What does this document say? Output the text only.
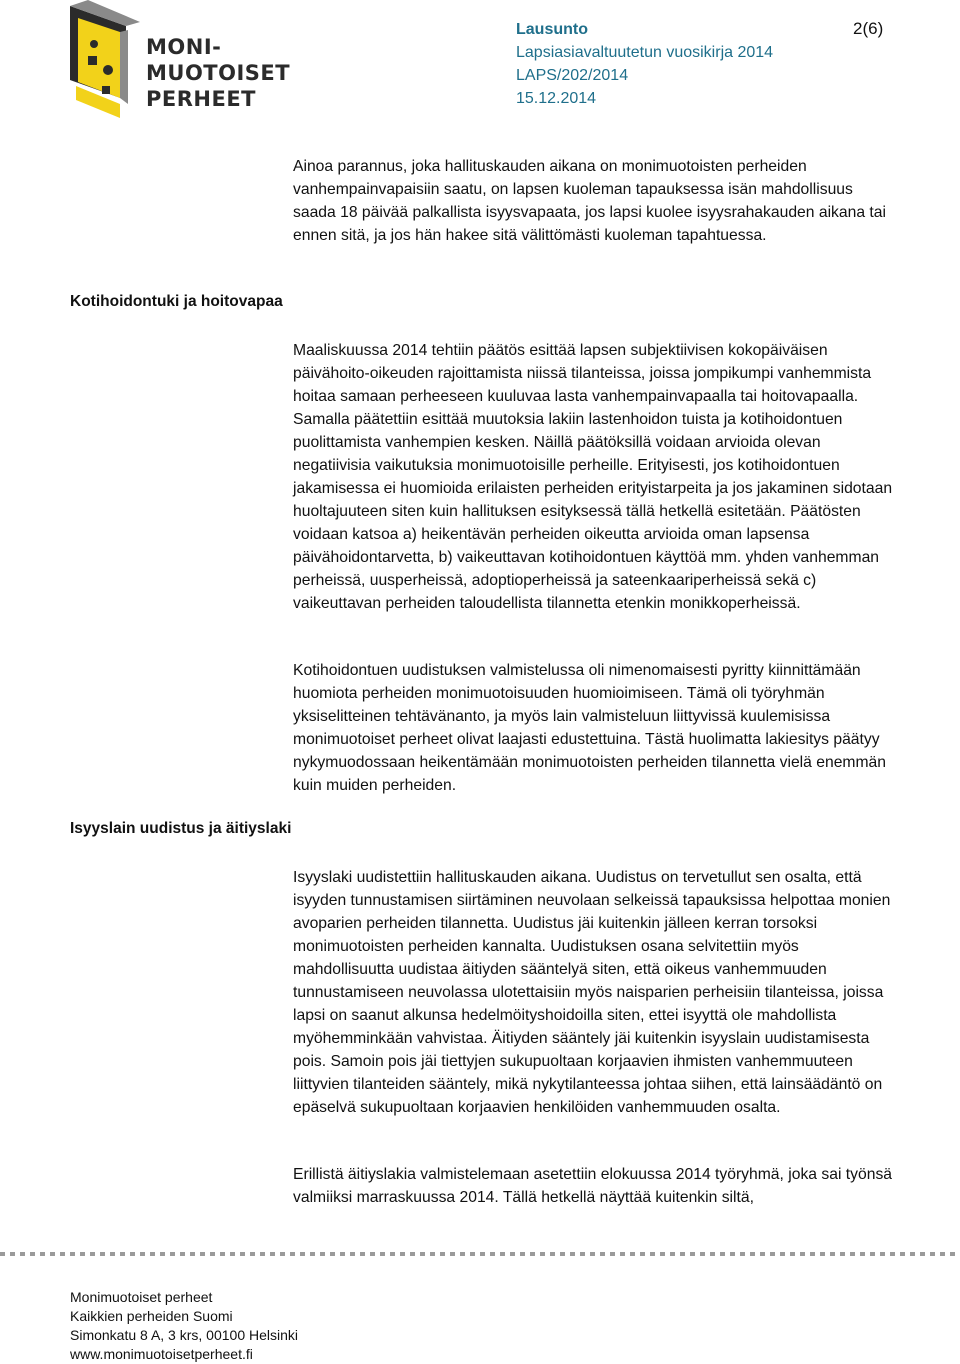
MONI-
MUOTOISET
PERHEET
Lausunto
Lapsiasiavaltuutetun vuosikirja 2014
LAPS/202/2014
15.12.2014
2(6)

Ainoa parannus, joka hallituskauden aikana on monimuotoisten perheiden vanhempainvapaisiin saatu, on lapsen kuoleman tapauksessa isän mahdollisuus saada 18 päivää palkallista isyysvapaata, jos lapsi kuolee isyysrahakauden aikana tai ennen sitä, ja jos hän hakee sitä välittömästi kuoleman tapahtuessa.

Kotihoidontuki ja hoitovapaa

Maaliskuussa 2014 tehtiin päätös esittää lapsen subjektiivisen kokopäiväisen päivähoito-oikeuden rajoittamista niissä tilanteissa, joissa jompikumpi vanhemmista hoitaa samaan perheeseen kuuluvaa lasta vanhempainvapaalla tai hoitovapaalla. Samalla päätettiin esittää muutoksia lakiin lastenhoidon tuista ja kotihoidontuen puolittamista vanhempien kesken. Näillä päätöksillä voidaan arvioida olevan negatiivisia vaikutuksia monimuotoisille perheille. Erityisesti, jos kotihoidontuen jakamisessa ei huomioida erilaisten perheiden erityistarpeita ja jos jakaminen sidotaan huoltajuuteen siten kuin hallituksen esityksessä tällä hetkellä esitetään. Päätösten voidaan katsoa a) heikentävän perheiden oikeutta arvioida oman lapsensa päivähoidontarvetta, b) vaikeuttavan kotihoidontuen käyttöä mm. yhden vanhemman perheissä, uusperheissä, adoptioperheissä ja sateenkaariperheissä sekä c) vaikeuttavan perheiden taloudellista tilannetta etenkin monikkoperheissä.

Kotihoidontuen uudistuksen valmistelussa oli nimenomaisesti pyritty kiinnittämään huomiota perheiden monimuotoisuuden huomioimiseen. Tämä oli työryhmän yksiselitteinen tehtävänanto, ja myös lain valmisteluun liittyvissä kuulemisissa monimuotoiset perheet olivat laajasti edustettuina. Tästä huolimatta lakiesitys päätyy nykymuodossaan heikentämään monimuotoisten perheiden tilannetta vielä enemmän kuin muiden perheiden.

Isyyslain uudistus ja äitiyslaki

Isyyslaki uudistettiin hallituskauden aikana. Uudistus on tervetullut sen osalta, että isyyden tunnustamisen siirtäminen neuvolaan selkeissä tapauksissa helpottaa monien avoparien perheiden tilannetta. Uudistus jäi kuitenkin jälleen kerran torsoksi monimuotoisten perheiden kannalta. Uudistuksen osana selvitettiin myös mahdollisuutta uudistaa äitiyden sääntelyä siten, että oikeus vanhemmuuden tunnustamiseen neuvolassa ulotettaisiin myös naisparien perheisiin tilanteissa, joissa lapsi on saanut alkunsa hedelmöityshoidoilla siten, ettei isyyttä ole mahdollista myöhemminkään vahvistaa. Äitiyden sääntely jäi kuitenkin isyyslain uudistamisesta pois. Samoin pois jäi tiettyjen sukupuoltaan korjaavien ihmisten vanhemmuuteen liittyvien tilanteiden sääntely, mikä nykytilanteessa johtaa siihen, että lainsäädäntö on epäselvä sukupuoltaan korjaavien henkilöiden vanhemmuuden osalta.

Erillistä äitiyslakia valmistelemaan asetettiin elokuussa 2014 työryhmä, joka sai työnsä valmiiksi marraskuussa 2014. Tällä hetkellä näyttää kuitenkin siltä,

Monimuotoiset perheet
Kaikkien perheiden Suomi
Simonkatu 8 A, 3 krs, 00100 Helsinki
www.monimuotoisetperheet.fi
